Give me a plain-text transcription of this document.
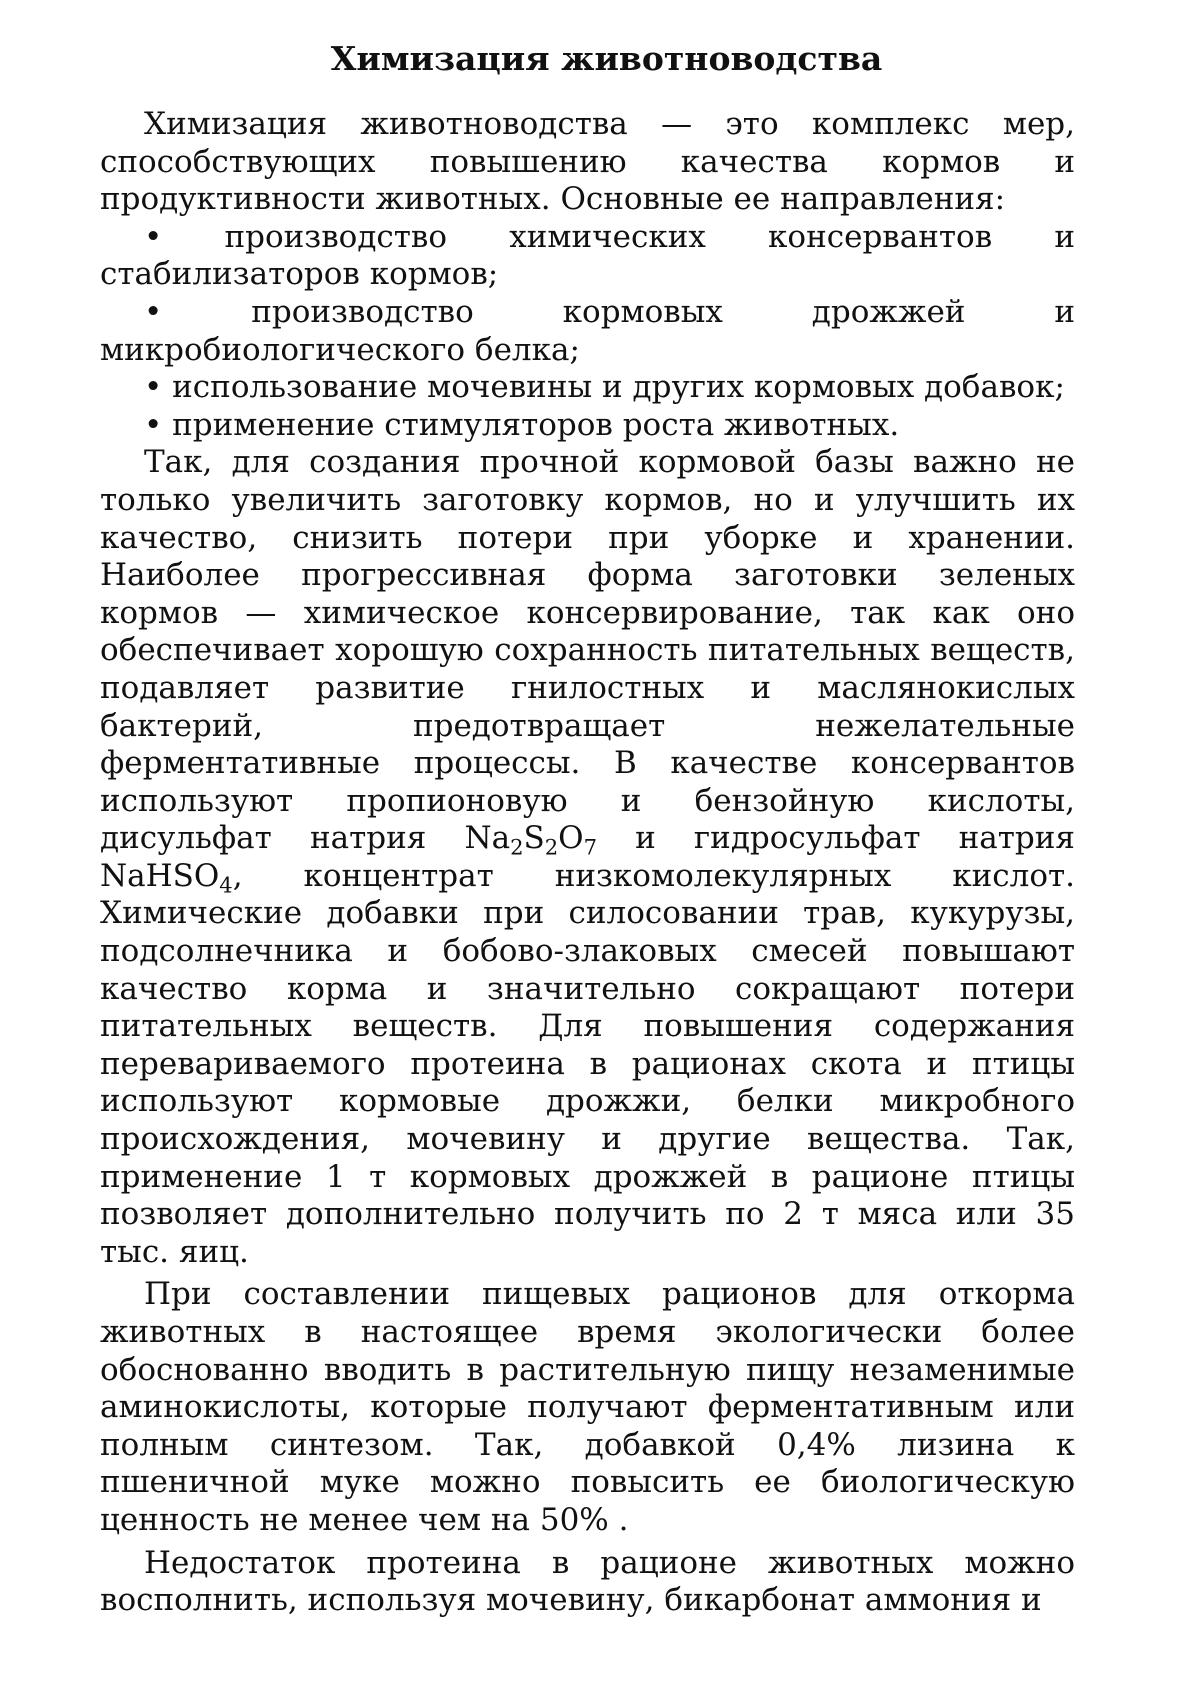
Химизация животноводства

Химизация животноводства — это комплекс мер, способствующих повышению качества кормов и продуктивности животных. Основные ее направления:

• производство химических консервантов и стабилизаторов кормов;

• производство кормовых дрожжей и микробиологического белка;

• использование мочевины и других кормовых добавок;

• применение стимуляторов роста животных.

Так, для создания прочной кормовой базы важно не только увеличить заготовку кормов, но и улучшить их качество, снизить потери при уборке и хранении. Наиболее прогрессивная форма заготовки зеленых кормов — химическое консервирование, так как оно обеспечивает хорошую сохранность питательных веществ, подавляет развитие гнилостных и маслянокислых бактерий, предотвращает нежелательные ферментативные процессы. В качестве консервантов используют пропионовую и бензойную кислоты, дисульфат натрия $Na_2S_2O_7$ и гидросульфат натрия NaHSO$_4$, концентрат низкомолекулярных кислот. Химические добавки при силосовании трав, кукурузы, подсолнечника и бобово-злаковых смесей повышают качество корма и значительно сокращают потери питательных веществ. Для повышения содержания перевариваемого протеина в рационах скота и птицы используют кормовые дрожжи, белки микробного происхождения, мочевину и другие вещества. Так, применение 1 т кормовых дрожжей в рационе птицы позволяет дополнительно получить по 2 т мяса или 35 тыс. яиц.

При составлении пищевых рационов для откорма животных в настоящее время экологически более обоснованно вводить в растительную пищу незаменимые аминокислоты, которые получают ферментативным или полным синтезом. Так, добавкой 0,4% лизина к пшеничной муке можно повысить ее биологическую ценность не менее чем на 50% .

Недостаток протеина в рационе животных можно восполнить, используя мочевину, бикарбонат аммония и
